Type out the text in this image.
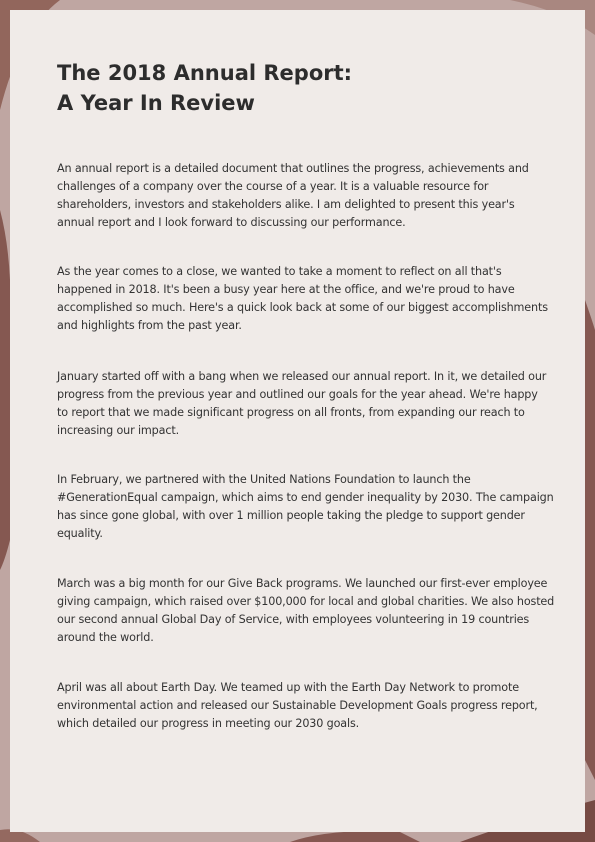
The 2018 Annual Report:
A Year In Review
An annual report is a detailed document that outlines the progress, achievements and
challenges of a company over the course of a year. It is a valuable resource for
shareholders, investors and stakeholders alike. I am delighted to present this year's
annual report and I look forward to discussing our performance.
As the year comes to a close, we wanted to take a moment to reflect on all that's
happened in 2018. It's been a busy year here at the office, and we're proud to have
accomplished so much. Here's a quick look back at some of our biggest accomplishments
and highlights from the past year.
January started off with a bang when we released our annual report. In it, we detailed our
progress from the previous year and outlined our goals for the year ahead. We're happy
to report that we made significant progress on all fronts, from expanding our reach to
increasing our impact.
In February, we partnered with the United Nations Foundation to launch the
#GenerationEqual campaign, which aims to end gender inequality by 2030. The campaign
has since gone global, with over 1 million people taking the pledge to support gender
equality.
March was a big month for our Give Back programs. We launched our first-ever employee
giving campaign, which raised over $100,000 for local and global charities. We also hosted
our second annual Global Day of Service, with employees volunteering in 19 countries
around the world.
April was all about Earth Day. We teamed up with the Earth Day Network to promote
environmental action and released our Sustainable Development Goals progress report,
which detailed our progress in meeting our 2030 goals.
